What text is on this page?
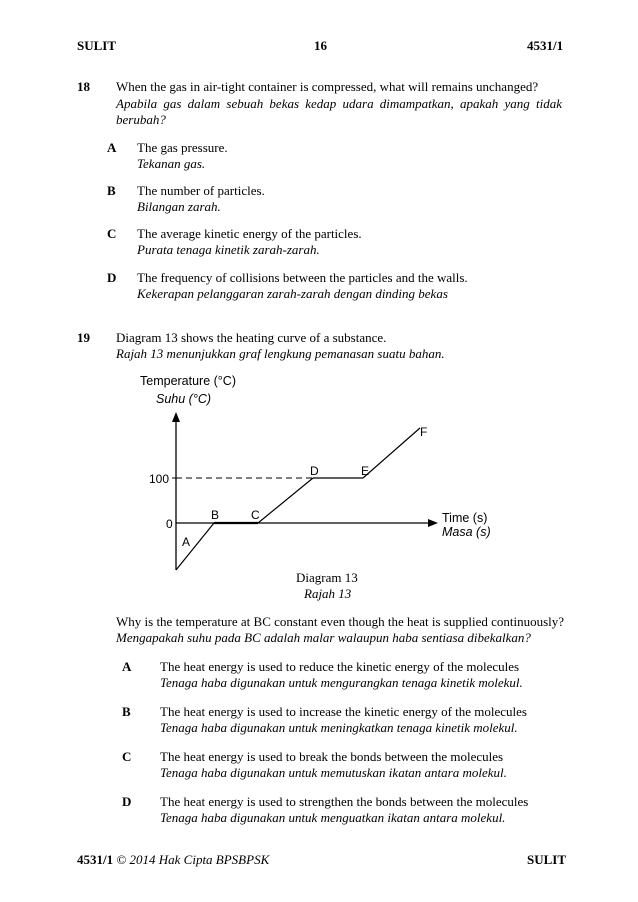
SULIT	16	4531/1
18 When the gas in air-tight container is compressed, what will remains unchanged?
Apabila gas dalam sebuah bekas kedap udara dimampatkan, apakah yang tidak
berubah?
A The gas pressure.
Tekanan gas.
B The number of particles.
Bilangan zarah.
C The average kinetic energy of the particles.
Purata tenaga kinetik zarah-zarah.
D The frequency of collisions between the particles and the walls.
Kekerapan pelanggaran zarah-zarah dengan dinding bekas
19 Diagram 13 shows the heating curve of a substance.
Rajah 13 menunjukkan graf lengkung pemanasan suatu bahan.
Temperature (°C)
Suhu (°C)
100
0
A
B	C
D	E
F
Time (s)
Masa (s)
Diagram 13
Rajah 13
Why is the temperature at BC constant even though the heat is supplied continuously?
Mengapakah suhu pada BC adalah malar walaupun haba sentiasa dibekalkan?
A The heat energy is used to reduce the kinetic energy of the molecules
Tenaga haba digunakan untuk mengurangkan tenaga kinetik molekul.
B The heat energy is used to increase the kinetic energy of the molecules
Tenaga haba digunakan untuk meningkatkan tenaga kinetik molekul.
C The heat energy is used to break the bonds between the molecules
Tenaga haba digunakan untuk memutuskan ikatan antara molekul.
D The heat energy is used to strengthen the bonds between the molecules
Tenaga haba digunakan untuk menguatkan ikatan antara molekul.
4531/1 © 2014 Hak Cipta BPSBPSK	SULIT
